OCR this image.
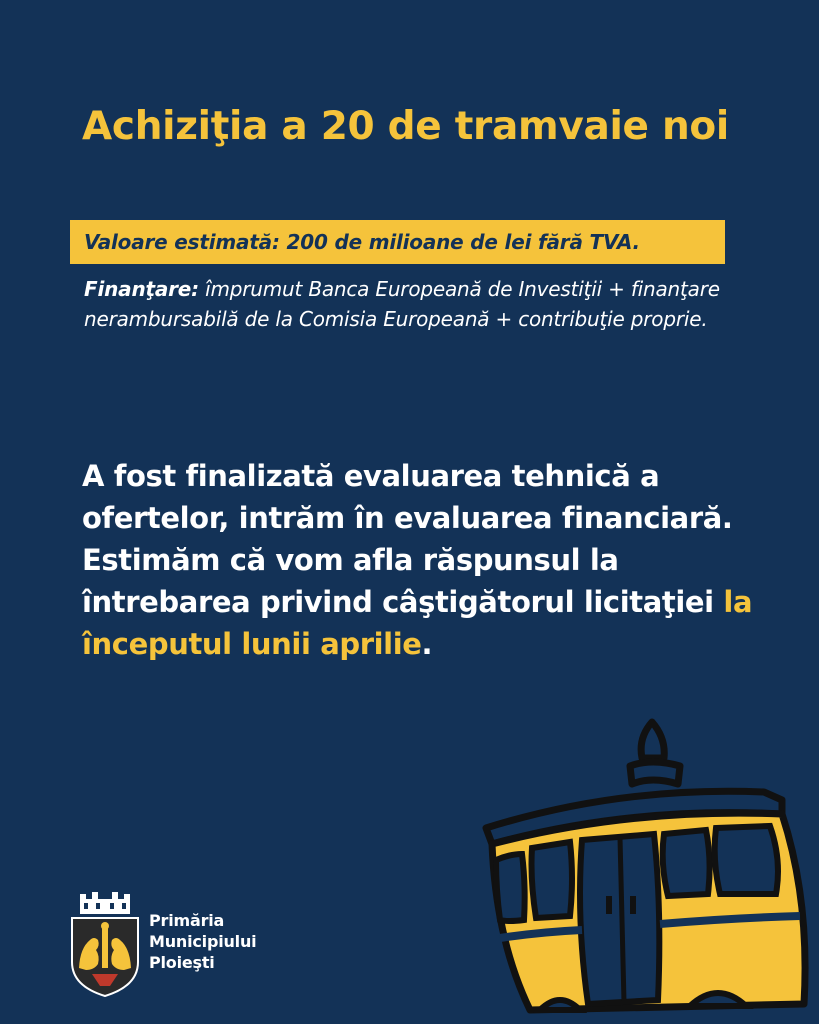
Achiziţia a 20 de tramvaie noi
Valoare estimată: 200 de milioane de lei fără TVA.
Finanţare: împrumut Banca Europeană de Investiţii + finanţare nerambursabilă de la Comisia Europeană + contribuţie proprie.
A fost finalizată evaluarea tehnică a ofertelor, intrăm în evaluarea financiară. Estimăm că vom afla răspunsul la întrebarea privind câştigătorul licitaţiei la începutul lunii aprilie.
Primăria
Municipiului
Ploieşti
